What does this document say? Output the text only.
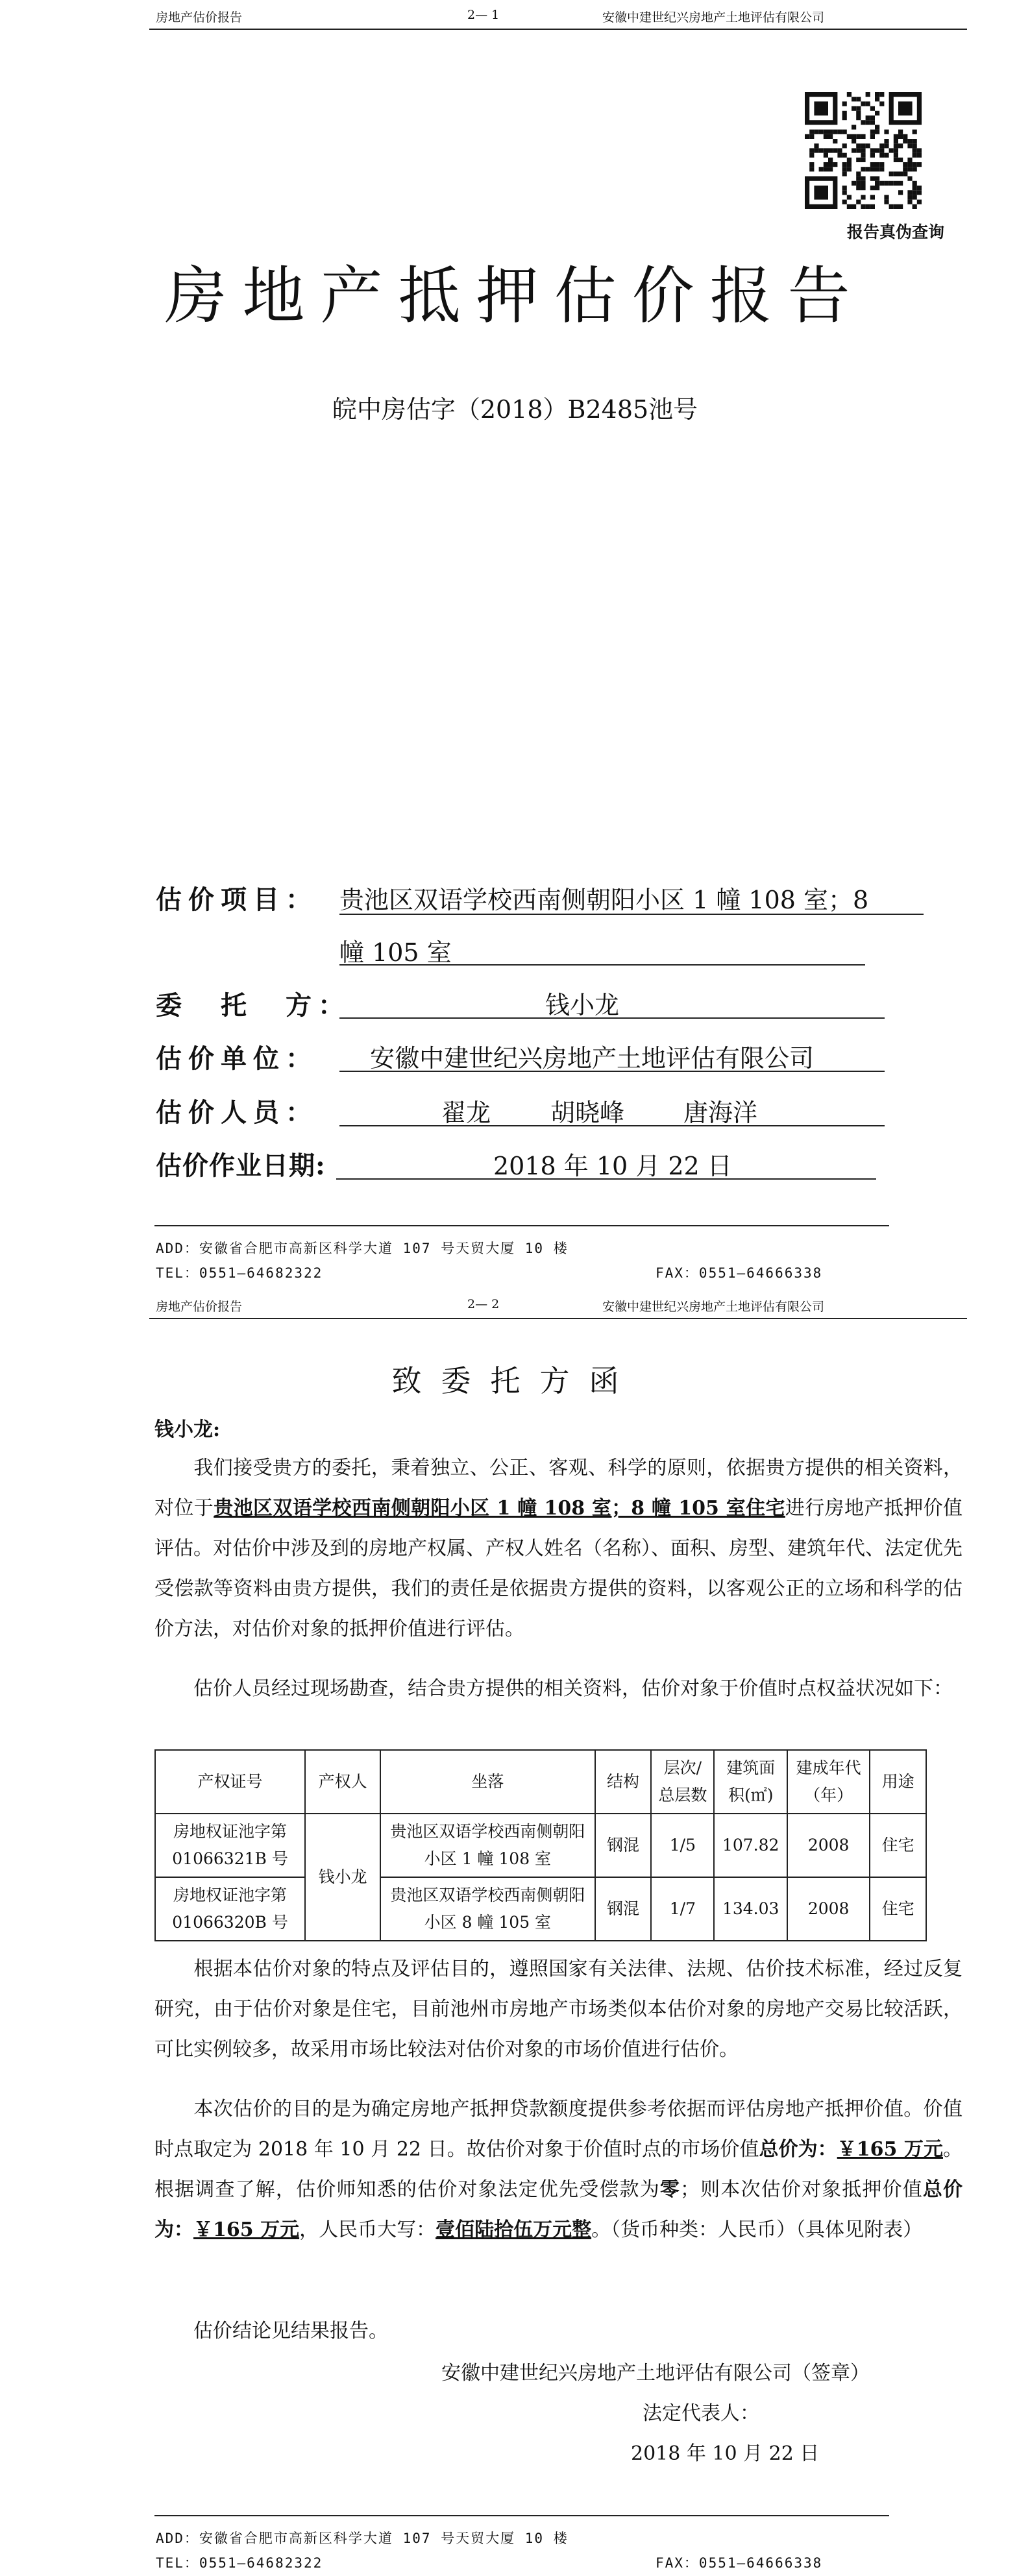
房地产估价报告	2— 1	安徽中建世纪兴房地产土地评估有限公司
报告真伪查询
房地产抵押估价报告
皖中房估字（2018）B2485池号
估价项目： 贵池区双语学校西南侧朝阳小区 1 幢 108 室；8
幢 105 室
委　托　方：	钱小龙
估价单位： 安徽中建世纪兴房地产土地评估有限公司
估价人员：	翟龙 胡晓峰 唐海洋
估价作业日期:	2018 年 10 月 22 日
ADD：安徽省合肥市高新区科学大道 107 号天贸大厦 10 楼
TEL：0551—64682322	FAX：0551—64666338
房地产估价报告	2— 2	安徽中建世纪兴房地产土地评估有限公司
致委托方函
钱小龙:
我们接受贵方的委托，秉着独立、公正、客观、科学的原则，依据贵方提供的相关资料，对位于贵池区双语学校西南侧朝阳小区 1 幢 108 室；8 幢 105 室住宅进行房地产抵押价值评估。对估价中涉及到的房地产权属、产权人姓名（名称）、面积、房型、建筑年代、法定优先受偿款等资料由贵方提供，我们的责任是依据贵方提供的资料，以客观公正的立场和科学的估价方法，对估价对象的抵押价值进行评估。
估价人员经过现场勘查，结合贵方提供的相关资料，估价对象于价值时点权益状况如下：
产权证号	产权人	坐落	结构	层次/总层数	建筑面积(㎡)	建成年代（年）	用途
房地权证池字第01066321B 号	钱小龙	贵池区双语学校西南侧朝阳小区 1 幢 108 室	钢混	1/5	107.82	2008	住宅
房地权证池字第01066320B 号		贵池区双语学校西南侧朝阳小区 8 幢 105 室	钢混	1/7	134.03	2008	住宅
根据本估价对象的特点及评估目的，遵照国家有关法律、法规、估价技术标准，经过反复研究，由于估价对象是住宅，目前池州市房地产市场类似本估价对象的房地产交易比较活跃，可比实例较多，故采用市场比较法对估价对象的市场价值进行估价。
本次估价的目的是为确定房地产抵押贷款额度提供参考依据而评估房地产抵押价值。价值时点取定为 2018 年 10 月 22 日。故估价对象于价值时点的市场价值总价为：￥165 万元。根据调查了解，估价师知悉的估价对象法定优先受偿款为零；则本次估价对象抵押价值总价为：￥165 万元，人民币大写：壹佰陆拾伍万元整。（货币种类：人民币）（具体见附表）
估价结论见结果报告。
安徽中建世纪兴房地产土地评估有限公司（签章）
法定代表人：
2018 年 10 月 22 日
ADD：安徽省合肥市高新区科学大道 107 号天贸大厦 10 楼
TEL：0551—64682322	FAX：0551—64666338
